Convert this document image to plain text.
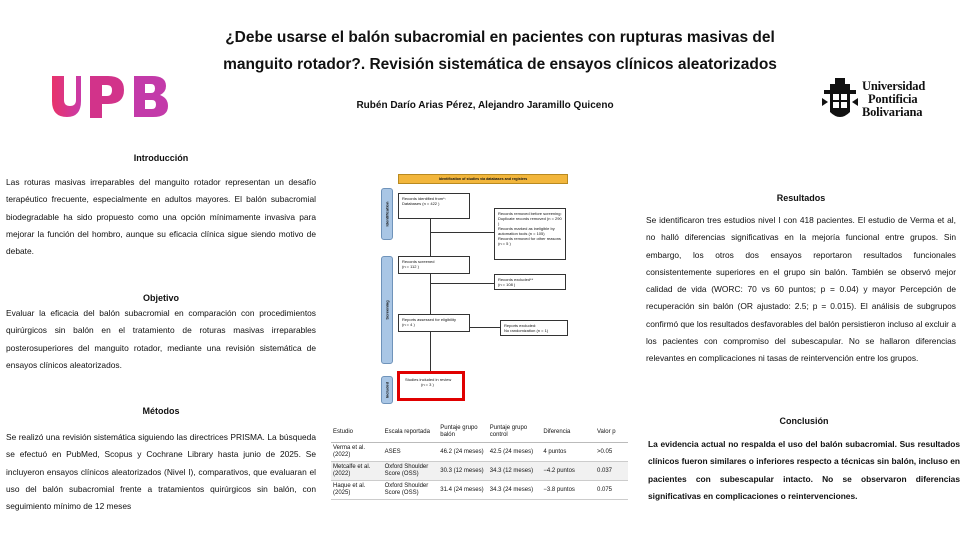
¿Debe usarse el balón subacromial en pacientes con rupturas masivas del
manguito rotador?. Revisión sistemática de ensayos clínicos aleatorizados
Rubén Darío Arias Pérez, Alejandro Jaramillo Quiceno
Universidad
Pontificia
Bolivariana
Introducción
Las roturas masivas irreparables del manguito rotador representan un desafío terapéutico frecuente, especialmente en adultos mayores. El balón subacromial biodegradable ha sido propuesto como una opción mínimamente invasiva para mejorar la función del hombro, aunque su eficacia clínica sigue siendo motivo de debate.
Objetivo
Evaluar la eficacia del balón subacromial en comparación con procedimientos quirúrgicos sin balón en el tratamiento de roturas masivas irreparables posterosuperiores del manguito rotador, mediante una revisión sistemática de ensayos clínicos aleatorizados.
Métodos
Se realizó una revisión sistemática siguiendo las directrices PRISMA. La búsqueda se efectuó en PubMed, Scopus y Cochrane Library hasta junio de 2025. Se incluyeron ensayos clínicos aleatorizados (Nivel I), comparativos, que evaluaran el uso del balón subacromial frente a tratamientos quirúrgicos sin balón, con seguimiento mínimo de 12 meses
Identification of studies via databases and registers
Identification
Screening
Included
Records identified from*:
Databases (n = 422 )
Records removed before screening:
Duplicate records removed (n = 290 )
Records marked as ineligible by automation tools (n = 105)
Records removed for other reasons (n = 5 )
Records screened
(n = 112 )
Records excluded**
(n = 108 )
Reports assessed for eligibility
(n = 4 )	Reports excluded:
No randomization (n = 1)
Studies included in review
(n = 3 )
Estudio	Escala reportada	Puntaje grupo balón	Puntaje grupo control	Diferencia	Valor p
Verma et al. (2022)	ASES	46.2 (24 meses)	42.5 (24 meses)	4 puntos	>0.05
Metcalfe et al. (2022)	Oxford Shoulder Score (OSS)	30.3 (12 meses)	34.3 (12 meses)	−4.2 puntos	0.037
Haque et al. (2025)	Oxford Shoulder Score (OSS)	31.4 (24 meses)	34.3 (24 meses)	−3.8 puntos	0.075
Resultados
Se identificaron tres estudios nivel I con 418 pacientes. El estudio de Verma et al, no halló diferencias significativas en la mejoría funcional entre grupos. Sin embargo, los otros dos ensayos reportaron resultados funcionales consistentemente superiores en el grupo sin balón. También se observó mejor calidad de vida (WORC: 70 vs 60 puntos; p = 0.04) y mayor Percepción de recuperación sin balón (OR ajustado: 2.5; p = 0.015). El análisis de subgrupos confirmó que los resultados desfavorables del balón persistieron incluso al excluir a los pacientes con compromiso del subescapular. No se hallaron diferencias relevantes en complicaciones ni tasas de reintervención entre los grupos.
Conclusión
La evidencia actual no respalda el uso del balón subacromial. Sus resultados clínicos fueron similares o inferiores respecto a técnicas sin balón, incluso en pacientes con subescapular intacto. No se observaron diferencias significativas en complicaciones o reintervenciones.
